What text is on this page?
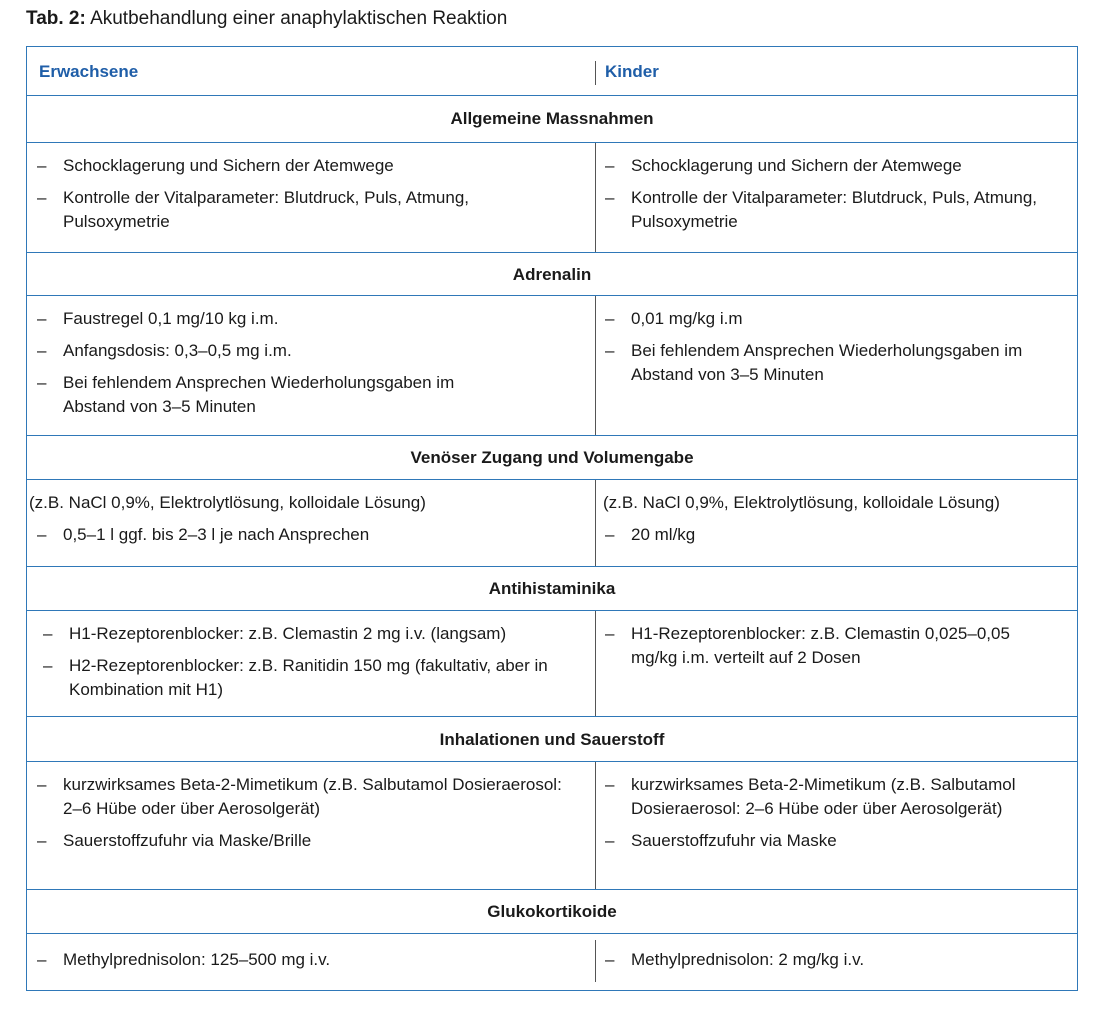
Tab. 2: Akutbehandlung einer anaphylaktischen Reaktion
Erwachsene	Kinder
Allgemeine Massnahmen
– Schocklagerung und Sichern der Atemwege
– Kontrolle der Vitalparameter: Blutdruck, Puls, Atmung, Pulsoxymetrie
– Schocklagerung und Sichern der Atemwege
– Kontrolle der Vitalparameter: Blutdruck, Puls, Atmung, Pulsoxymetrie
Adrenalin
– Faustregel 0,1 mg/10 kg i.m.
– Anfangsdosis: 0,3–0,5 mg i.m.
– Bei fehlendem Ansprechen Wiederholungsgaben im Abstand von 3–5 Minuten
– 0,01 mg/kg i.m
– Bei fehlendem Ansprechen Wiederholungsgaben im Abstand von 3–5 Minuten
Venöser Zugang und Volumengabe
(z.B. NaCl 0,9%, Elektrolytlösung, kolloidale Lösung)
– 0,5–1 l ggf. bis 2–3 l je nach Ansprechen
(z.B. NaCl 0,9%, Elektrolytlösung, kolloidale Lösung)
– 20 ml/kg
Antihistaminika
– H1-Rezeptorenblocker: z.B. Clemastin 2 mg i.v. (langsam)
– H2-Rezeptorenblocker: z.B. Ranitidin 150 mg (fakultativ, aber in Kombination mit H1)
– H1-Rezeptorenblocker: z.B. Clemastin 0,025–0,05 mg/kg i.m. verteilt auf 2 Dosen
Inhalationen und Sauerstoff
– kurzwirksames Beta-2-Mimetikum (z.B. Salbutamol Dosieraerosol: 2–6 Hübe oder über Aerosolgerät)
– Sauerstoffzufuhr via Maske/Brille
– kurzwirksames Beta-2-Mimetikum (z.B. Salbutamol Dosieraerosol: 2–6 Hübe oder über Aerosolgerät)
– Sauerstoffzufuhr via Maske
Glukokortikoide
– Methylprednisolon: 125–500 mg i.v.
–	Methylprednisolon: 2 mg/kg i.v.
